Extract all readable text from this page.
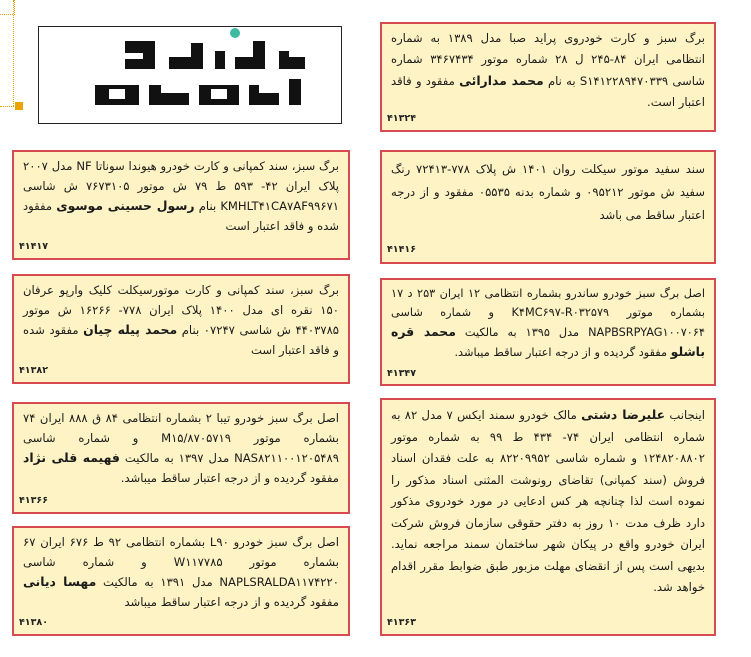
برگ سبز و کارت خودروی پراید صبا مدل ۱۳۸۹ به شماره انتظامی ایران ۸۴-۲۴۵ ل ۲۸ شماره موتور ۳۴۶۷۴۳۴ شماره شاسی S۱۴۱۲۲۸۹۴۷۰۳۳۹ به نام محمد مدارائی مفقود و فاقد اعتبار است.
۴۱۳۲۴
سند سفید موتور سیکلت روان ۱۴۰۱ ش پلاک ۷۷۸-۷۲۴۱۳ رنگ سفید ش موتور ۰۹۵۲۱۲ و شماره بدنه ۰۵۵۳۵ مفقود و از درجه اعتبار ساقط می باشد
۴۱۴۱۶
اصل برگ سبز خودرو ساندرو بشماره انتظامی ۱۲ ایران ۲۵۳ د ۱۷ بشماره موتور K۴MC۶۹۷-R۰۳۲۵۷۹ و شماره شاسی NAPBSRPYAG۱۰۰۷۰۶۴ مدل ۱۳۹۵ به مالکیت محمد قره باشلو مفقود گردیده و از درجه اعتبار ساقط میباشد.
۴۱۳۴۷
اینجانب علیرضا دشتی مالک خودرو سمند ایکس ۷ مدل ۸۲ به شماره انتظامی ایران ۷۴- ۴۳۴ ط ۹۹ به شماره موتور ۱۲۴۸۲۰۸۸۰۲ و شماره شاسی ۸۲۲۰۹۹۵۲ به علت فقدان اسناد فروش (سند کمپانی) تقاضای رونوشت المثنی اسناد مذکور را نموده است لذا چنانچه هر کس ادعایی در مورد خودروی مذکور دارد ظرف مدت ۱۰ روز به دفتر حقوقی سازمان فروش شرکت ایران خودرو واقع در پیکان شهر ساختمان سمند مراجعه نماید. بدیهی است پس از انقضای مهلت مزبور طبق ضوابط مقرر اقدام خواهد شد.
۴۱۳۶۳
برگ سبز، سند کمپانی و کارت خودرو هیوندا سوناتا NF مدل ۲۰۰۷ پلاک ایران ۴۲- ۵۹۳ ط ۷۹ ش موتور ۷۶۷۳۱۰۵ ش شاسی KMHLT۴۱CA۷AF۹۹۶۷۱ بنام رسول حسینی موسوی مفقود شده و فاقد اعتبار است
۴۱۴۱۷
برگ سبز، سند کمپانی و کارت موتورسیکلت کلیک وارپو عرفان ۱۵۰ نقره ای مدل ۱۴۰۰ پلاک ایران ۷۷۸- ۱۶۲۶۶ ش موتور ۴۴۰۳۷۸۵ ش شاسی ۰۷۲۴۷ بنام محمد پیله چیان مفقود شده و فاقد اعتبار است
۴۱۳۸۲
اصل برگ سبز خودرو تیبا ۲ بشماره انتظامی ۸۴ ق ۸۸۸ ایران ۷۴ بشماره موتور M۱۵/۸۷۰۵۷۱۹ و شماره شاسی NAS۸۲۱۱۰۰۱۲۰۵۴۸۹ مدل ۱۳۹۷ به مالکیت فهیمه قلی نژاد مفقود گردیده و از درجه اعتبار ساقط میباشد.
۴۱۳۶۶
اصل برگ سبز خودرو L۹۰ بشماره انتظامی ۹۲ ط ۶۷۶ ایران ۶۷ بشماره موتور W۱۱۷۷۸۵ و شماره شاسی NAPLSRALDA۱۱۷۴۲۲۰ مدل ۱۳۹۱ به مالکیت مهسا دیانی مفقود گردیده و از درجه اعتبار ساقط میباشد
۴۱۳۸۰
